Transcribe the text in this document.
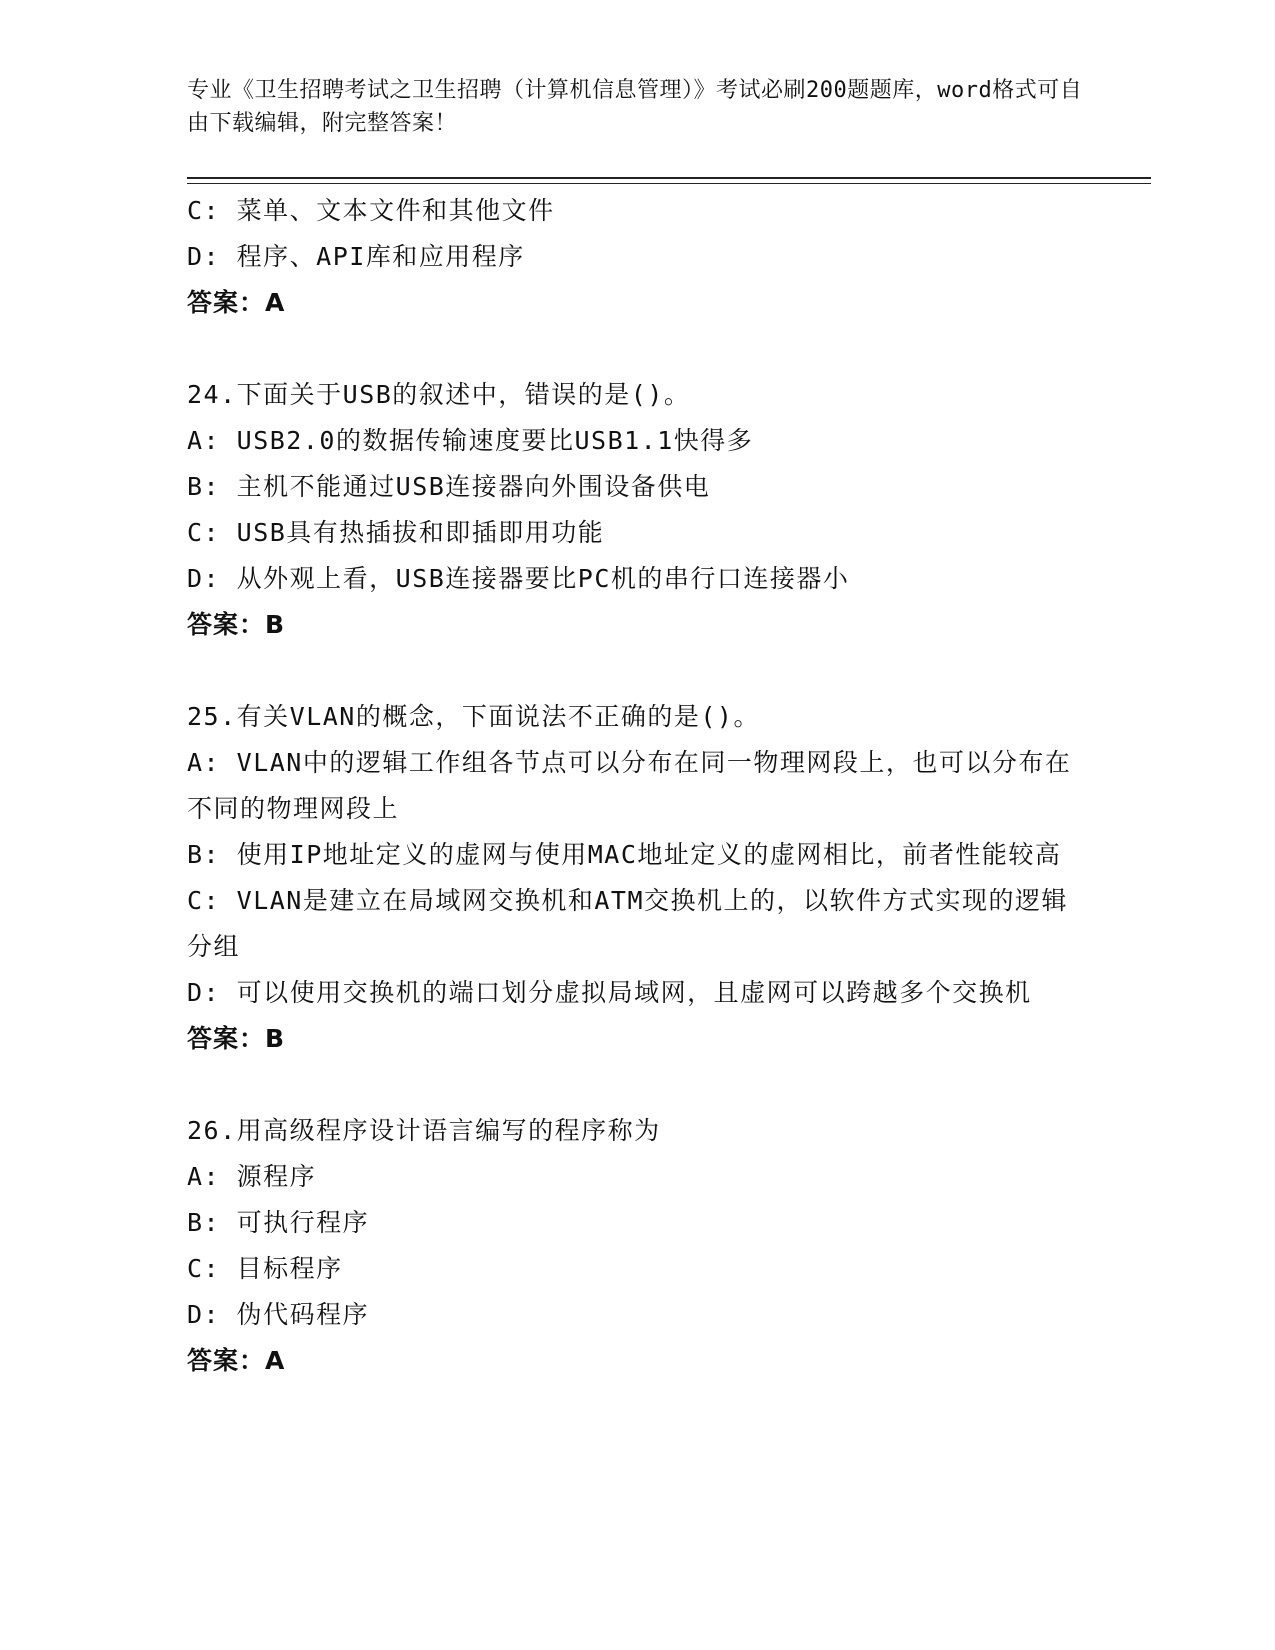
专业《卫生招聘考试之卫生招聘（计算机信息管理）》考试必刷200题题库，word格式可自由下载编辑，附完整答案！

C: 菜单、文本文件和其他文件

D: 程序、API库和应用程序

答案：A

24.下面关于USB的叙述中，错误的是()。

A: USB2.0的数据传输速度要比USB1.1快得多

B: 主机不能通过USB连接器向外围设备供电

C: USB具有热插拔和即插即用功能

D: 从外观上看，USB连接器要比PC机的串行口连接器小

答案：B

25.有关VLAN的概念，下面说法不正确的是()。

A: VLAN中的逻辑工作组各节点可以分布在同一物理网段上，也可以分布在不同的物理网段上

B: 使用IP地址定义的虚网与使用MAC地址定义的虚网相比，前者性能较高

C: VLAN是建立在局域网交换机和ATM交换机上的，以软件方式实现的逻辑分组

D: 可以使用交换机的端口划分虚拟局域网，且虚网可以跨越多个交换机

答案：B

26.用高级程序设计语言编写的程序称为

A: 源程序

B: 可执行程序

C: 目标程序

D: 伪代码程序

答案：A
